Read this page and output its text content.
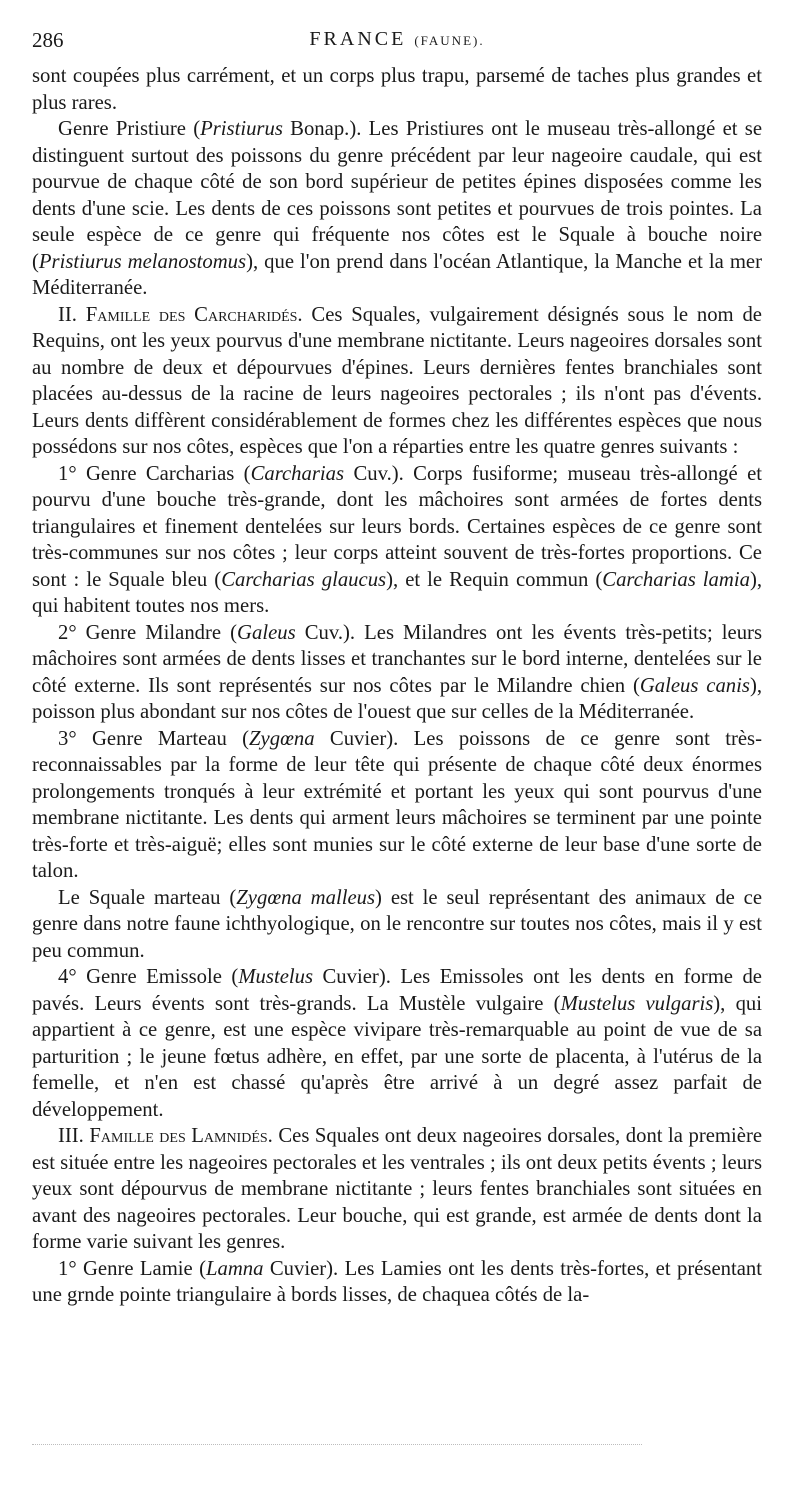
286	FRANCE (FAUNE).

sont coupées plus carrément, et un corps plus trapu, parsemé de taches plus grandes et plus rares.

Genre Pristiure (Pristiurus Bonap.). Les Pristiures ont le museau très-allongé et se distinguent surtout des poissons du genre précédent par leur nageoire caudale, qui est pourvue de chaque côté de son bord supérieur de petites épines disposées comme les dents d'une scie. Les dents de ces poissons sont petites et pourvues de trois pointes. La seule espèce de ce genre qui fréquente nos côtes est le Squale à bouche noire (Pristiurus melanostomus), que l'on prend dans l'océan Atlantique, la Manche et la mer Méditerranée.

II. Famille des Carcharidés. Ces Squales, vulgairement désignés sous le nom de Requins, ont les yeux pourvus d'une membrane nictitante. Leurs nageoires dorsales sont au nombre de deux et dépourvues d'épines. Leurs dernières fentes branchiales sont placées au-dessus de la racine de leurs nageoires pectorales ; ils n'ont pas d'évents. Leurs dents diffèrent considérablement de formes chez les différentes espèces que nous possédons sur nos côtes, espèces que l'on a réparties entre les quatre genres suivants :

1° Genre Carcharias (Carcharias Cuv.). Corps fusiforme; museau très-allongé et pourvu d'une bouche très-grande, dont les mâchoires sont armées de fortes dents triangulaires et finement dentelées sur leurs bords. Certaines espèces de ce genre sont très-communes sur nos côtes ; leur corps atteint souvent de très-fortes proportions. Ce sont : le Squale bleu (Carcharias glaucus), et le Requin commun (Carcharias lamia), qui habitent toutes nos mers.

2° Genre Milandre (Galeus Cuv.). Les Milandres ont les évents très-petits; leurs mâchoires sont armées de dents lisses et tranchantes sur le bord interne, dentelées sur le côté externe. Ils sont représentés sur nos côtes par le Milandre chien (Galeus canis), poisson plus abondant sur nos côtes de l'ouest que sur celles de la Méditerranée.

3° Genre Marteau (Zygœna Cuvier). Les poissons de ce genre sont très-reconnaissables par la forme de leur tête qui présente de chaque côté deux énormes prolongements tronqués à leur extrémité et portant les yeux qui sont pourvus d'une membrane nictitante. Les dents qui arment leurs mâchoires se terminent par une pointe très-forte et très-aiguë; elles sont munies sur le côté externe de leur base d'une sorte de talon.

Le Squale marteau (Zygœna malleus) est le seul représentant des animaux de ce genre dans notre faune ichthyologique, on le rencontre sur toutes nos côtes, mais il y est peu commun.

4° Genre Emissole (Mustelus Cuvier). Les Emissoles ont les dents en forme de pavés. Leurs évents sont très-grands. La Mustèle vulgaire (Mustelus vulgaris), qui appartient à ce genre, est une espèce vivipare très-remarquable au point de vue de sa parturition ; le jeune fœtus adhère, en effet, par une sorte de placenta, à l'utérus de la femelle, et n'en est chassé qu'après être arrivé à un degré assez parfait de développement.

III. Famille des Lamnidés. Ces Squales ont deux nageoires dorsales, dont la première est située entre les nageoires pectorales et les ventrales ; ils ont deux petits évents ; leurs yeux sont dépourvus de membrane nictitante ; leurs fentes branchiales sont situées en avant des nageoires pectorales. Leur bouche, qui est grande, est armée de dents dont la forme varie suivant les genres.

1° Genre Lamie (Lamna Cuvier). Les Lamies ont les dents très-fortes, et présentant une grnde pointe triangulaire à bords lisses, de chaquea côtés de la-
